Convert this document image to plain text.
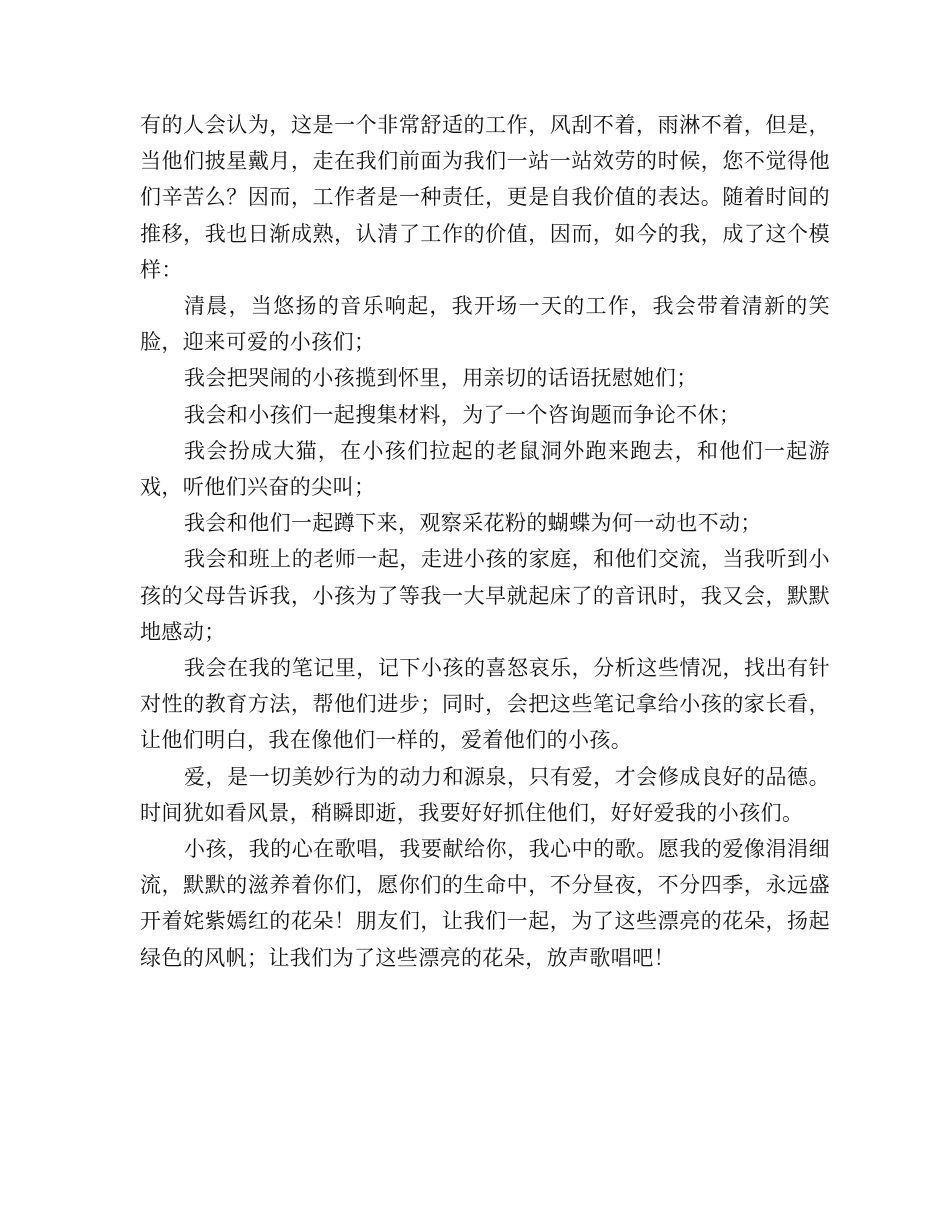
有的人会认为，这是一个非常舒适的工作，风刮不着，雨淋不着，但是，当他们披星戴月，走在我们前面为我们一站一站效劳的时候，您不觉得他们辛苦么？因而，工作者是一种责任，更是自我价值的表达。随着时间的推移，我也日渐成熟，认清了工作的价值，因而，如今的我，成了这个模样：

清晨，当悠扬的音乐响起，我开场一天的工作，我会带着清新的笑脸，迎来可爱的小孩们；

我会把哭闹的小孩揽到怀里，用亲切的话语抚慰她们；

我会和小孩们一起搜集材料，为了一个咨询题而争论不休；

我会扮成大猫，在小孩们拉起的老鼠洞外跑来跑去，和他们一起游戏，听他们兴奋的尖叫；

我会和他们一起蹲下来，观察采花粉的蝴蝶为何一动也不动；

我会和班上的老师一起，走进小孩的家庭，和他们交流，当我听到小孩的父母告诉我，小孩为了等我一大早就起床了的音讯时，我又会，默默地感动；

我会在我的笔记里，记下小孩的喜怒哀乐，分析这些情况，找出有针对性的教育方法，帮他们进步；同时，会把这些笔记拿给小孩的家长看，让他们明白，我在像他们一样的，爱着他们的小孩。

爱，是一切美妙行为的动力和源泉，只有爱，才会修成良好的品德。时间犹如看风景，稍瞬即逝，我要好好抓住他们，好好爱我的小孩们。

小孩，我的心在歌唱，我要献给你，我心中的歌。愿我的爱像涓涓细流，默默的滋养着你们，愿你们的生命中，不分昼夜，不分四季，永远盛开着姹紫嫣红的花朵！朋友们，让我们一起，为了这些漂亮的花朵，扬起绿色的风帆；让我们为了这些漂亮的花朵，放声歌唱吧！
